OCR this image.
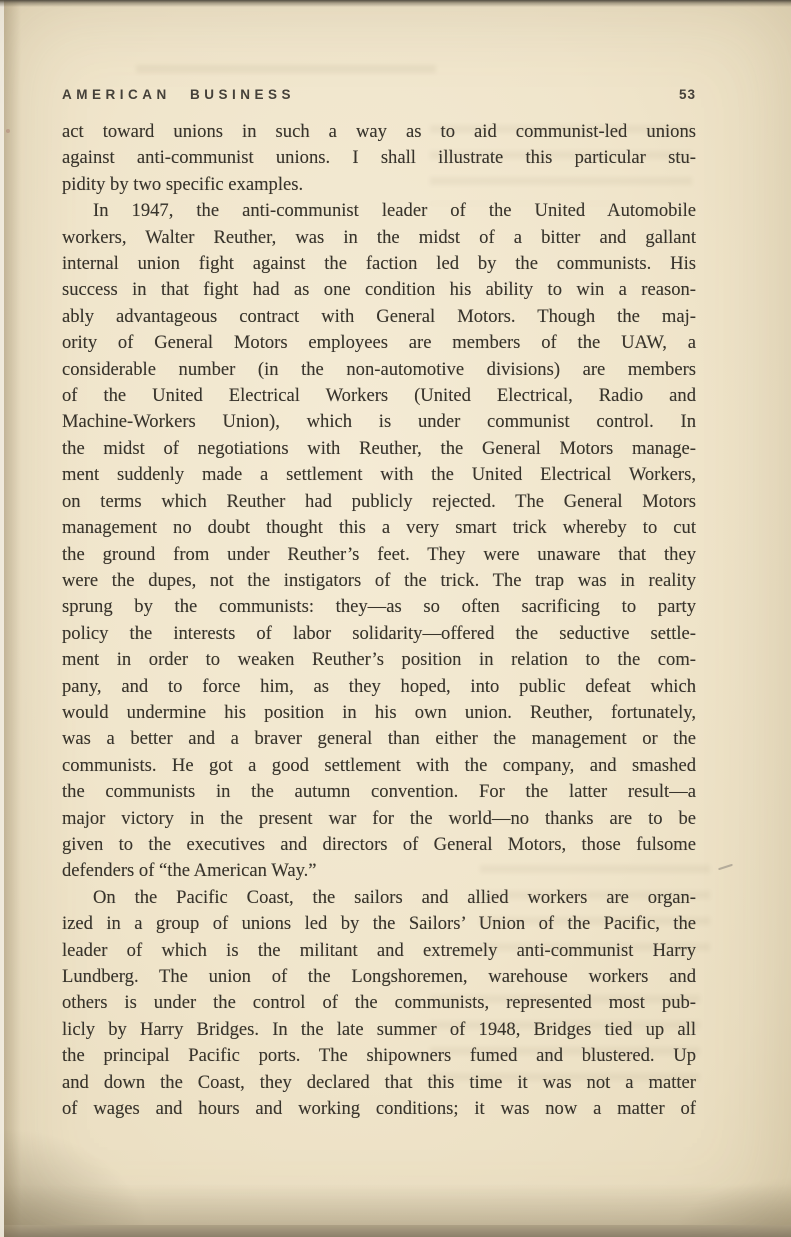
AMERICAN BUSINESS	53
act toward unions in such a way as to aid communist-led unions
against anti-communist unions. I shall illustrate this particular stu-
pidity by two specific examples.
In 1947, the anti-communist leader of the United Automobile
workers, Walter Reuther, was in the midst of a bitter and gallant
internal union fight against the faction led by the communists. His
success in that fight had as one condition his ability to win a reason-
ably advantageous contract with General Motors. Though the maj-
ority of General Motors employees are members of the UAW, a
considerable number (in the non-automotive divisions) are members
of the United Electrical Workers (United Electrical, Radio and
Machine-Workers Union), which is under communist control. In
the midst of negotiations with Reuther, the General Motors manage-
ment suddenly made a settlement with the United Electrical Workers,
on terms which Reuther had publicly rejected. The General Motors
management no doubt thought this a very smart trick whereby to cut
the ground from under Reuther’s feet. They were unaware that they
were the dupes, not the instigators of the trick. The trap was in reality
sprung by the communists: they—as so often sacrificing to party
policy the interests of labor solidarity—offered the seductive settle-
ment in order to weaken Reuther’s position in relation to the com-
pany, and to force him, as they hoped, into public defeat which
would undermine his position in his own union. Reuther, fortunately,
was a better and a braver general than either the management or the
communists. He got a good settlement with the company, and smashed
the communists in the autumn convention. For the latter result—a
major victory in the present war for the world—no thanks are to be
given to the executives and directors of General Motors, those fulsome
defenders of “the American Way.”
On the Pacific Coast, the sailors and allied workers are organ-
ized in a group of unions led by the Sailors’ Union of the Pacific, the
leader of which is the militant and extremely anti-communist Harry
Lundberg. The union of the Longshoremen, warehouse workers and
others is under the control of the communists, represented most pub-
licly by Harry Bridges. In the late summer of 1948, Bridges tied up all
the principal Pacific ports. The shipowners fumed and blustered. Up
and down the Coast, they declared that this time it was not a matter
of wages and hours and working conditions; it was now a matter of
